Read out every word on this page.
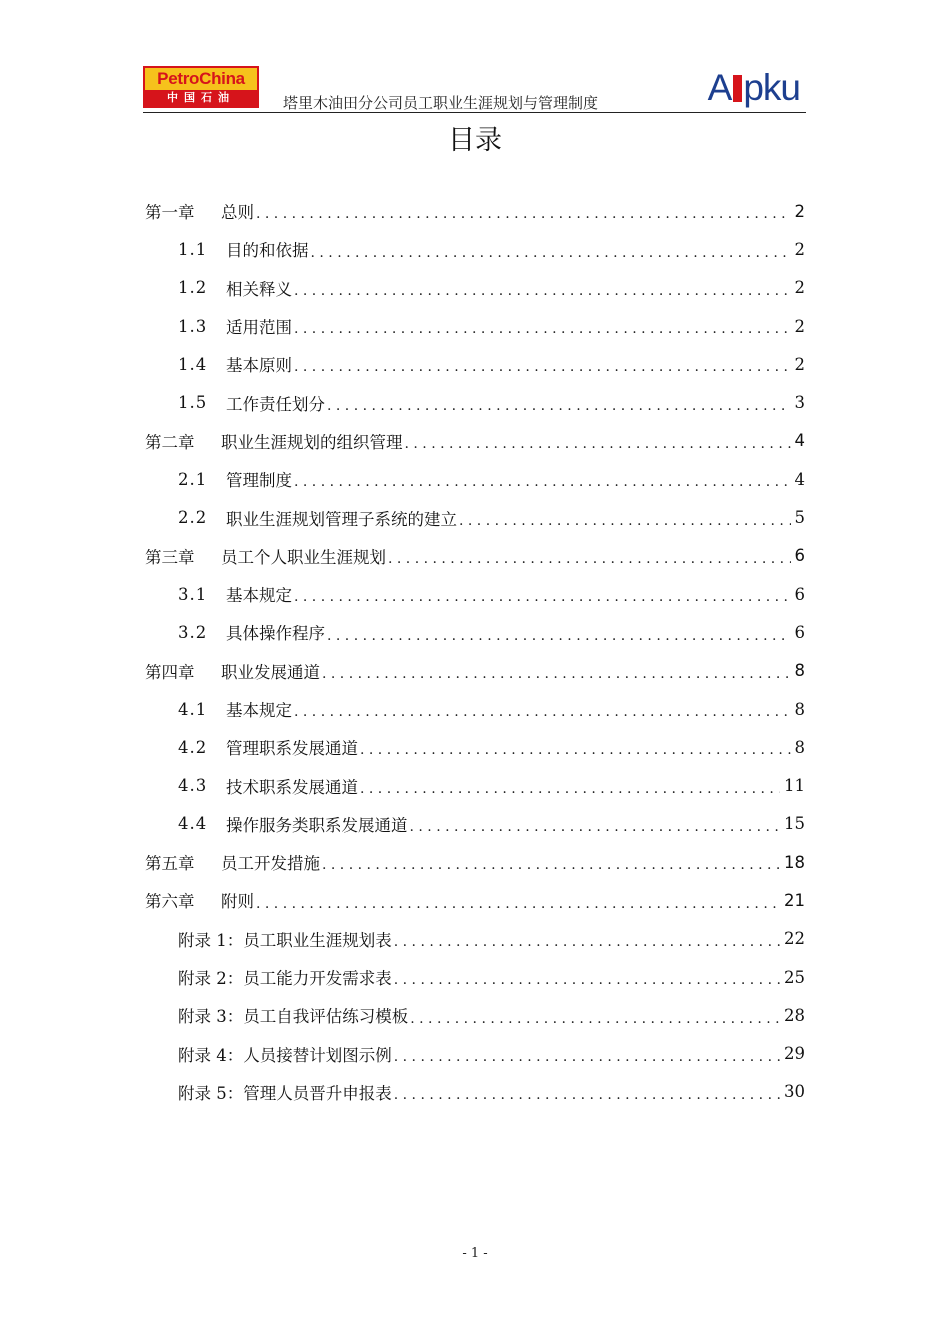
PetroChina
中国石油	塔里木油田分公司员工职业生涯规划与管理制度	A pku
目录
第一章	总则 . . .	2
1.1	目的和依据 . . .	2
1.2	相关释义 . . .	2
1.3	适用范围 . . .	2
1.4	基本原则 . . .	2
1.5	工作责任划分 . . .	3
第二章	职业生涯规划的组织管理 . . .	4
2.1	管理制度 . . .	4
2.2	职业生涯规划管理子系统的建立 . . .	5
第三章	员工个人职业生涯规划 . . .	6
3.1	基本规定 . . .	6
3.2	具体操作程序 . . .	6
第四章	职业发展通道 . . .	8
4.1	基本规定 . . .	8
4.2	管理职系发展通道 . . .	8
4.3	技术职系发展通道 . . .	11
4.4	操作服务类职系发展通道 . . .	15
第五章	员工开发措施 . . .	18
第六章	附则 . . .	21
附录 1：员工职业生涯规划表 . . .	22
附录 2：员工能力开发需求表 . . .	25
附录 3：员工自我评估练习模板 . . .	28
附录 4：人员接替计划图示例 . . .	29
附录 5：管理人员晋升申报表 . . .	30
- 1 -
